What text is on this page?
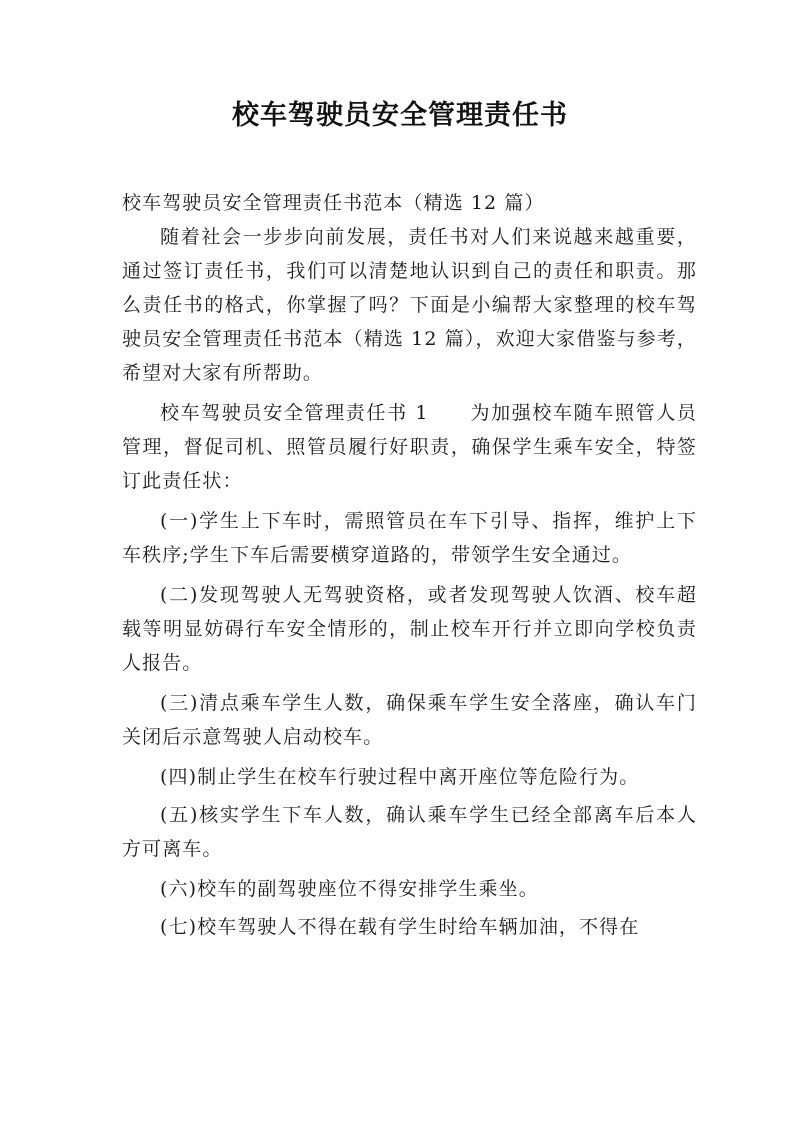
校车驾驶员安全管理责任书

校车驾驶员安全管理责任书范本（精选 12 篇）

随着社会一步步向前发展，责任书对人们来说越来越重要，通过签订责任书，我们可以清楚地认识到自己的责任和职责。那么责任书的格式，你掌握了吗？下面是小编帮大家整理的校车驾驶员安全管理责任书范本（精选 12 篇），欢迎大家借鉴与参考，希望对大家有所帮助。

校车驾驶员安全管理责任书 1　　为加强校车随车照管人员管理，督促司机、照管员履行好职责，确保学生乘车安全，特签订此责任状：

(一)学生上下车时，需照管员在车下引导、指挥，维护上下车秩序;学生下车后需要横穿道路的，带领学生安全通过。

(二)发现驾驶人无驾驶资格，或者发现驾驶人饮酒、校车超载等明显妨碍行车安全情形的，制止校车开行并立即向学校负责人报告。

(三)清点乘车学生人数，确保乘车学生安全落座，确认车门关闭后示意驾驶人启动校车。

(四)制止学生在校车行驶过程中离开座位等危险行为。

(五)核实学生下车人数，确认乘车学生已经全部离车后本人方可离车。

(六)校车的副驾驶座位不得安排学生乘坐。

(七)校车驾驶人不得在载有学生时给车辆加油，不得在
